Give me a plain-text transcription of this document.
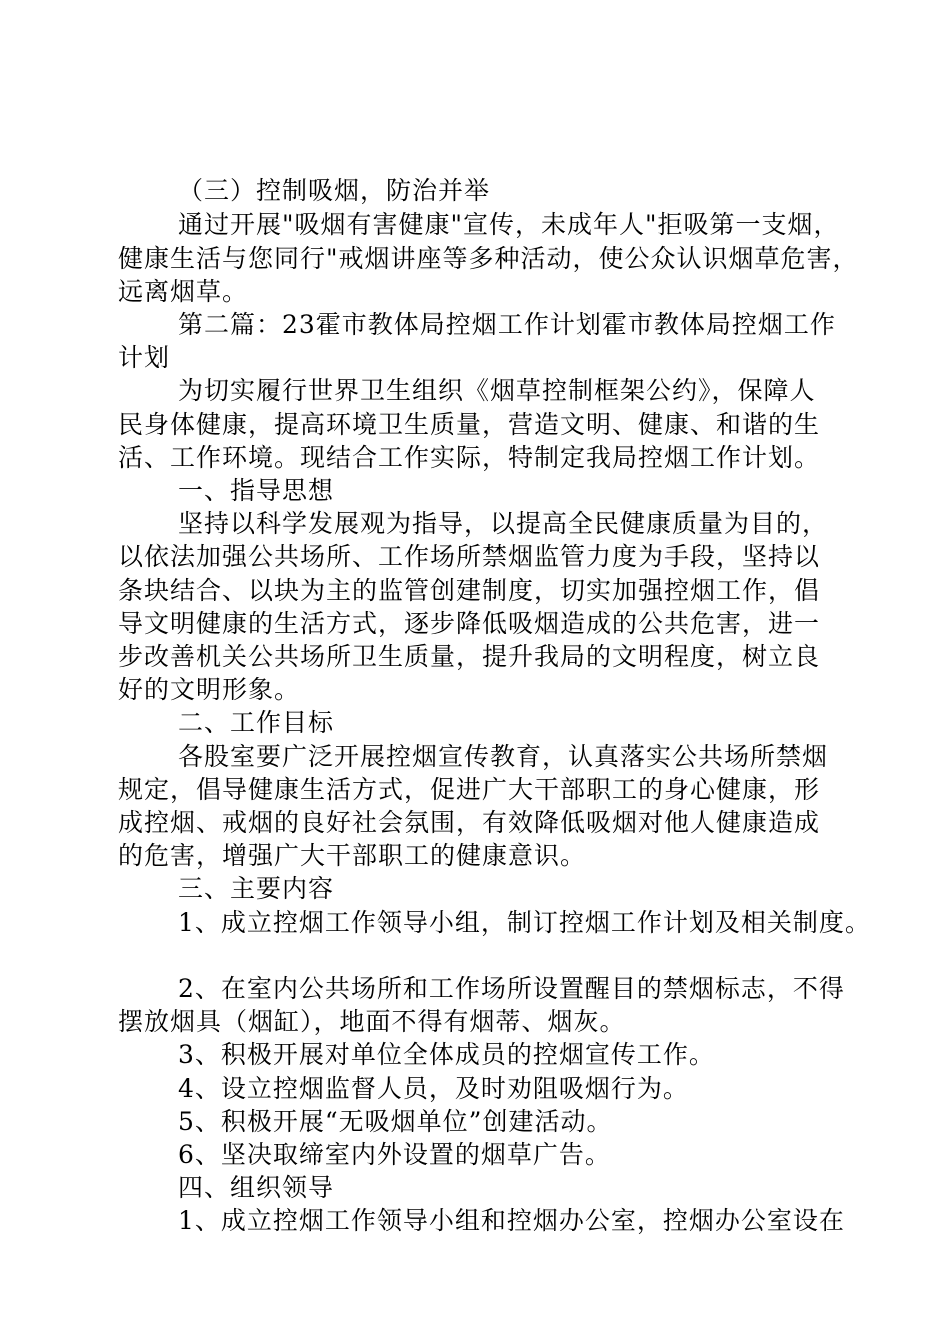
（三）控制吸烟，防治并举
通过开展"吸烟有害健康"宣传，未成年人"拒吸第一支烟，
健康生活与您同行"戒烟讲座等多种活动，使公众认识烟草危害，
远离烟草。
第二篇：23霍市教体局控烟工作计划霍市教体局控烟工作
计划
为切实履行世界卫生组织《烟草控制框架公约》，保障人
民身体健康，提高环境卫生质量，营造文明、健康、和谐的生
活、工作环境。现结合工作实际，特制定我局控烟工作计划。
一、指导思想
坚持以科学发展观为指导，以提高全民健康质量为目的，
以依法加强公共场所、工作场所禁烟监管力度为手段，坚持以
条块结合、以块为主的监管创建制度，切实加强控烟工作，倡
导文明健康的生活方式，逐步降低吸烟造成的公共危害，进一
步改善机关公共场所卫生质量，提升我局的文明程度，树立良
好的文明形象。
二、工作目标
各股室要广泛开展控烟宣传教育，认真落实公共场所禁烟
规定，倡导健康生活方式，促进广大干部职工的身心健康，形
成控烟、戒烟的良好社会氛围，有效降低吸烟对他人健康造成
的危害，增强广大干部职工的健康意识。
三、主要内容
1、成立控烟工作领导小组，制订控烟工作计划及相关制度。
2、在室内公共场所和工作场所设置醒目的禁烟标志，不得
摆放烟具（烟缸），地面不得有烟蒂、烟灰。
3、积极开展对单位全体成员的控烟宣传工作。
4、设立控烟监督人员，及时劝阻吸烟行为。
5、积极开展“无吸烟单位”创建活动。
6、坚决取缔室内外设置的烟草广告。
四、组织领导
1、成立控烟工作领导小组和控烟办公室，控烟办公室设在
